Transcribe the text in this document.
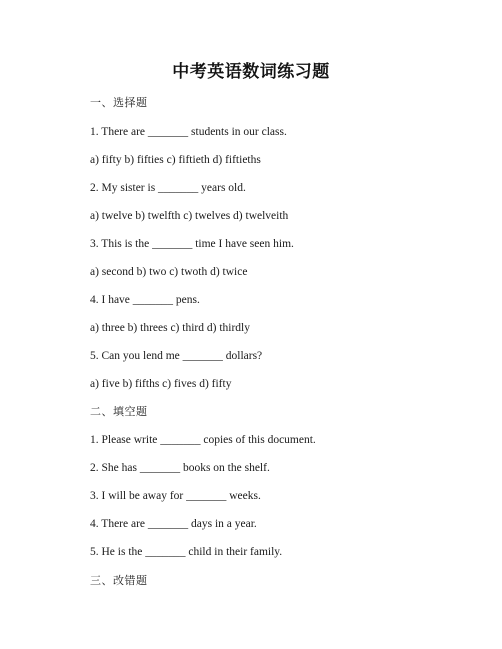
中考英语数词练习题
一、选择题
1. There are _______ students in our class.
a) fifty b) fifties c) fiftieth d) fiftieths
2. My sister is _______ years old.
a) twelve b) twelfth c) twelves d) twelveith
3. This is the _______ time I have seen him.
a) second b) two c) twoth d) twice
4. I have _______ pens.
a) three b) threes c) third d) thirdly
5. Can you lend me _______ dollars?
a) five b) fifths c) fives d) fifty
二、填空题
1. Please write _______ copies of this document.
2. She has _______ books on the shelf.
3. I will be away for _______ weeks.
4. There are _______ days in a year.
5. He is the _______ child in their family.
三、改错题
